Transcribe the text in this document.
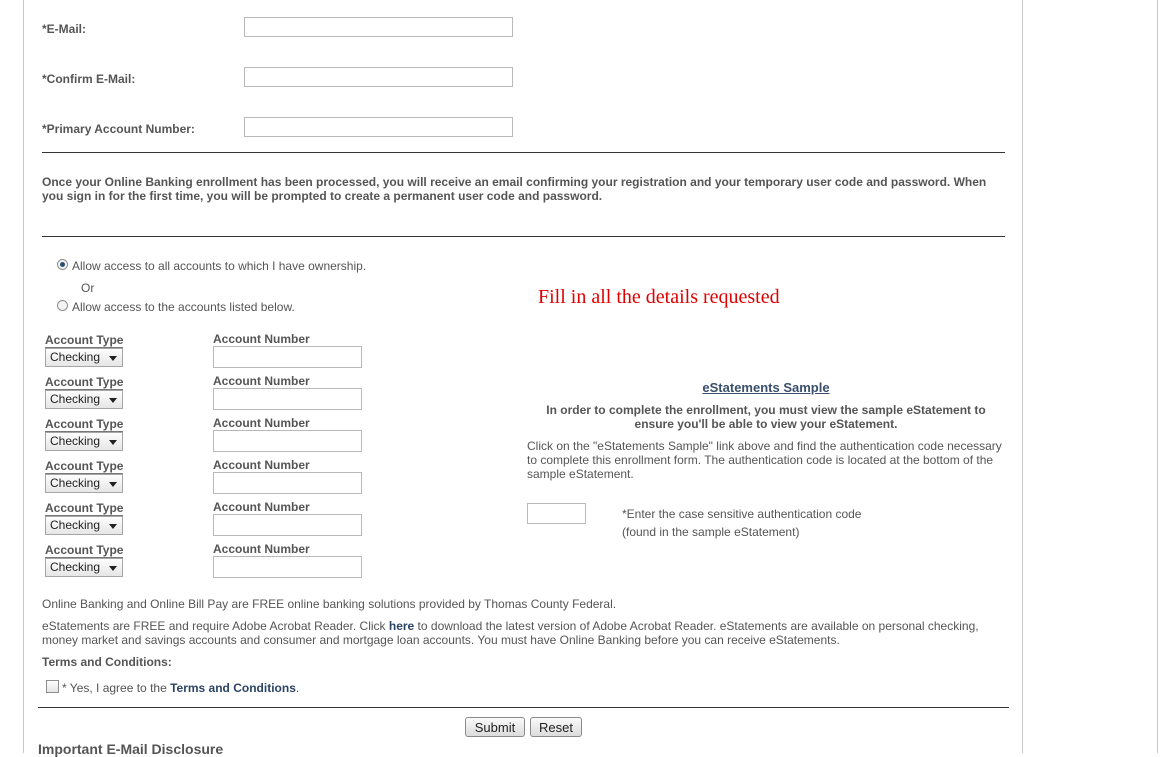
*E-Mail:
*Confirm E-Mail:
*Primary Account Number:
Once your Online Banking enrollment has been processed, you will receive an email confirming your registration and your temporary user code and password. When you sign in for the first time, you will be prompted to create a permanent user code and password.
Allow access to all accounts to which I have ownership.
Or
Allow access to the accounts listed below.	Fill in all the details requested
Account Type	Account Number
Checking
Account Type	Account Number
Checking
Account Type	Account Number
Checking
Account Type	Account Number
Checking
Account Type	Account Number
Checking
Account Type	Account Number
Checking
eStatements Sample
In order to complete the enrollment, you must view the sample eStatement to ensure you'll be able to view your eStatement.
Click on the "eStatements Sample" link above and find the authentication code necessary to complete this enrollment form. The authentication code is located at the bottom of the sample eStatement.
*Enter the case sensitive authentication code
(found in the sample eStatement)
Online Banking and Online Bill Pay are FREE online banking solutions provided by Thomas County Federal.
eStatements are FREE and require Adobe Acrobat Reader. Click here to download the latest version of Adobe Acrobat Reader. eStatements are available on personal checking, money market and savings accounts and consumer and mortgage loan accounts. You must have Online Banking before you can receive eStatements.
Terms and Conditions:
* Yes, I agree to the Terms and Conditions.
Submit	Reset
Important E-Mail Disclosure
